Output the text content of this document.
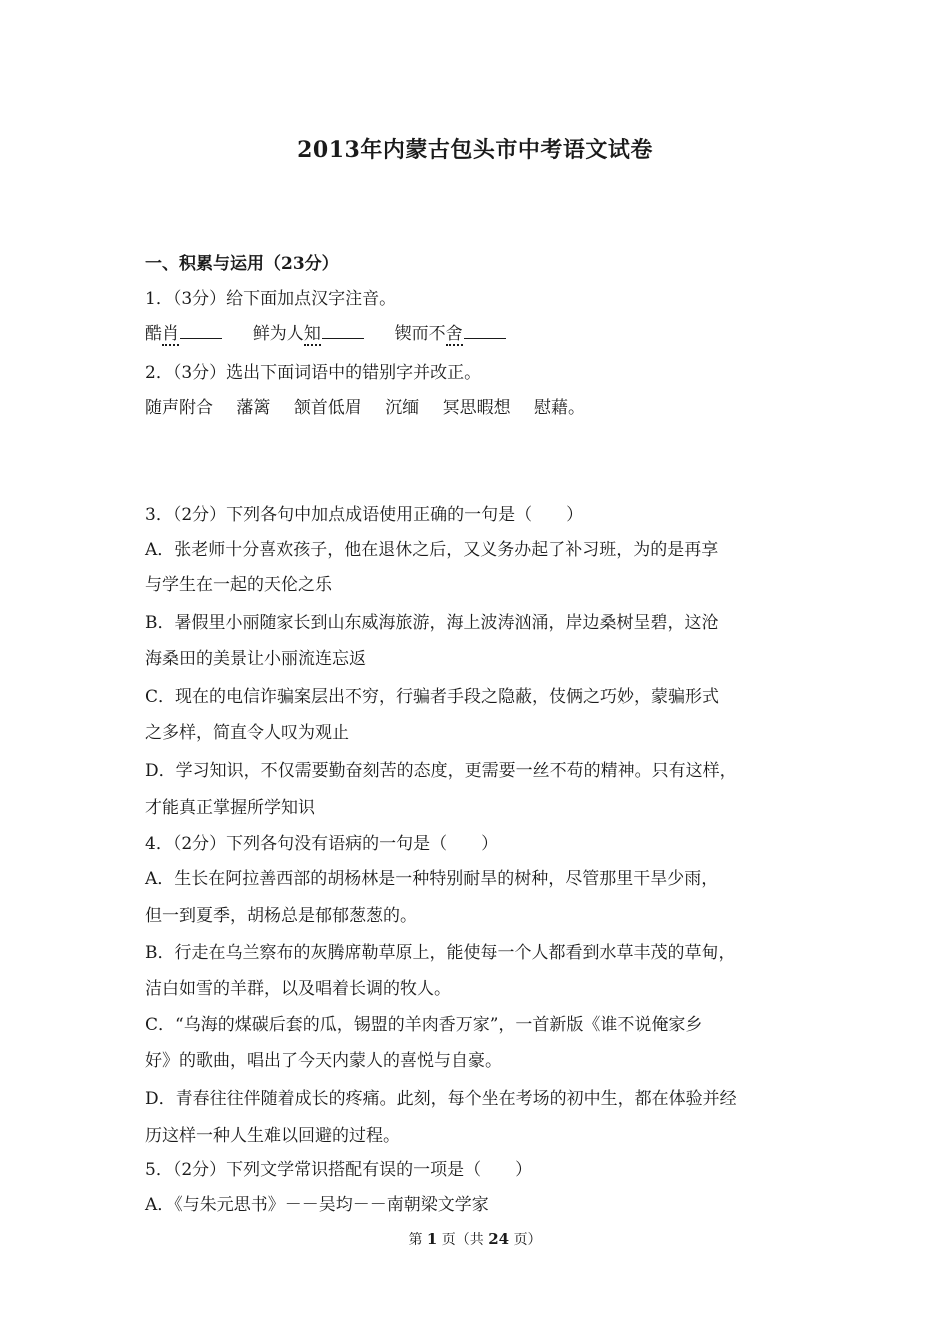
2013年内蒙古包头市中考语文试卷
一、积累与运用（23分）
1．（3分）给下面加点汉字注音。
酷肖	鲜为人知	锲而不舍
2．（3分）选出下面词语中的错别字并改正。
随声附合 藩篱 颔首低眉 沉缅 冥思暇想 慰藉。
3．（2分）下列各句中加点成语使用正确的一句是（　　）
A．张老师十分喜欢孩子，他在退休之后，又义务办起了补习班，为的是再享
与学生在一起的天伦之乐
B．暑假里小丽随家长到山东威海旅游，海上波涛汹涌，岸边桑树呈碧，这沧
海桑田的美景让小丽流连忘返
C．现在的电信诈骗案层出不穷，行骗者手段之隐蔽，伎俩之巧妙，蒙骗形式
之多样，简直令人叹为观止
D．学习知识，不仅需要勤奋刻苦的态度，更需要一丝不苟的精神。只有这样，
才能真正掌握所学知识
4．（2分）下列各句没有语病的一句是（　　）
A．生长在阿拉善西部的胡杨林是一种特别耐旱的树种，尽管那里干旱少雨，
但一到夏季，胡杨总是郁郁葱葱的。
B．行走在乌兰察布的灰腾席勒草原上，能使每一个人都看到水草丰茂的草甸，
洁白如雪的羊群，以及唱着长调的牧人。
C．“乌海的煤碳后套的瓜，锡盟的羊肉香万家”，一首新版《谁不说俺家乡
好》的歌曲，唱出了今天内蒙人的喜悦与自豪。
D．青春往往伴随着成长的疼痛。此刻，每个坐在考场的初中生，都在体验并经
历这样一种人生难以回避的过程。
5．（2分）下列文学常识搭配有误的一项是（　　）
A．《与朱元思书》－－吴均－－南朝梁文学家
第 1 页（共 24 页）
